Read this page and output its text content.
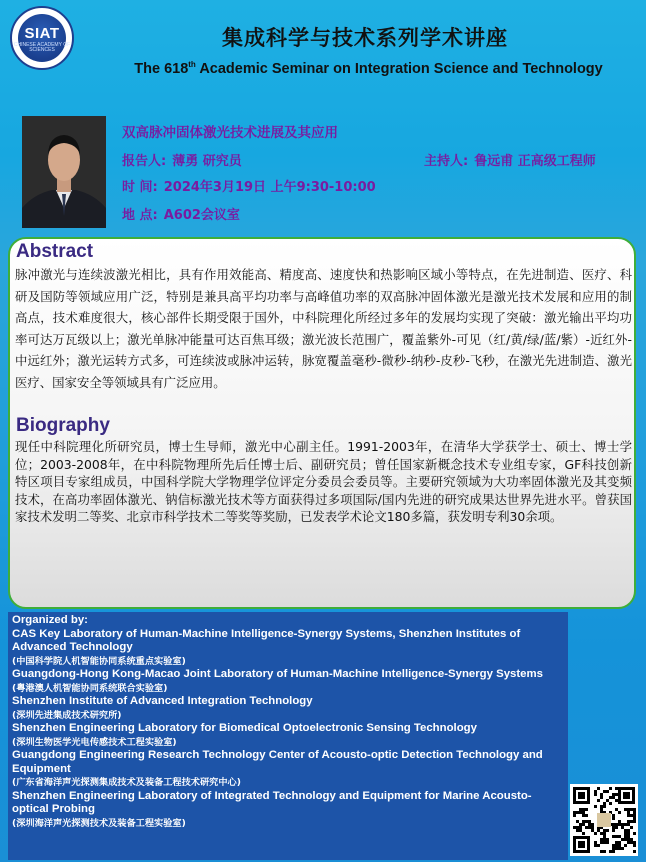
SIAT
CHINESE ACADEMY OF SCIENCES	集成科学与技术系列学术讲座
The 618th Academic Seminar on Integration Science and Technology
双高脉冲固体激光技术进展及其应用
报告人: 薄勇 研究员	主持人: 鲁远甫 正高级工程师
时 间: 2024年3月19日 上午9:30-10:00
地 点: A602会议室
Abstract
脉冲激光与连续波激光相比，具有作用效能高、精度高、速度快和热影响区域小等特点，在先进制造、医疗、科研及国防等领域应用广泛，特别是兼具高平均功率与高峰值功率的双高脉冲固体激光是激光技术发展和应用的制高点，技术难度很大，核心部件长期受限于国外，中科院理化所经过多年的发展均实现了突破：激光输出平均功率可达万瓦级以上；激光单脉冲能量可达百焦耳级；激光波长范围广，覆盖紫外-可见（红/黄/绿/蓝/紫）-近红外-中远红外；激光运转方式多，可连续波或脉冲运转，脉宽覆盖毫秒-微秒-纳秒-皮秒-飞秒，在激光先进制造、激光医疗、国家安全等领域具有广泛应用。
Biography
现任中科院理化所研究员，博士生导师，激光中心副主任。1991-2003年，在清华大学获学士、硕士、博士学位；2003-2008年，在中科院物理所先后任博士后、副研究员；曾任国家新概念技术专业组专家，GF科技创新特区项目专家组成员，中国科学院大学物理学位评定分委员会委员等。主要研究领域为大功率固体激光及其变频技术，在高功率固体激光、钠信标激光技术等方面获得过多项国际/国内先进的研究成果达世界先进水平。曾获国家技术发明二等奖、北京市科学技术二等奖等奖励，已发表学术论文180多篇，获发明专利30余项。
Organized by:
CAS Key Laboratory of Human-Machine Intelligence-Synergy Systems, Shenzhen Institutes of Advanced Technology
(中国科学院人机智能协同系统重点实验室)
Guangdong-Hong Kong-Macao Joint Laboratory of Human-Machine Intelligence-Synergy Systems
(粤港澳人机智能协同系统联合实验室)
Shenzhen Institute of Advanced Integration Technology
(深圳先进集成技术研究所)
Shenzhen Engineering Laboratory for Biomedical Optoelectronic Sensing Technology
(深圳生物医学光电传感技术工程实验室)
Guangdong Engineering Research Technology Center of Acousto-optic Detection Technology and Equipment
(广东省海洋声光探测集成技术及装备工程技术研究中心)
Shenzhen Engineering Laboratory of Integrated Technology and Equipment for Marine Acousto-optical Probing
(深圳海洋声光探测技术及装备工程实验室)
